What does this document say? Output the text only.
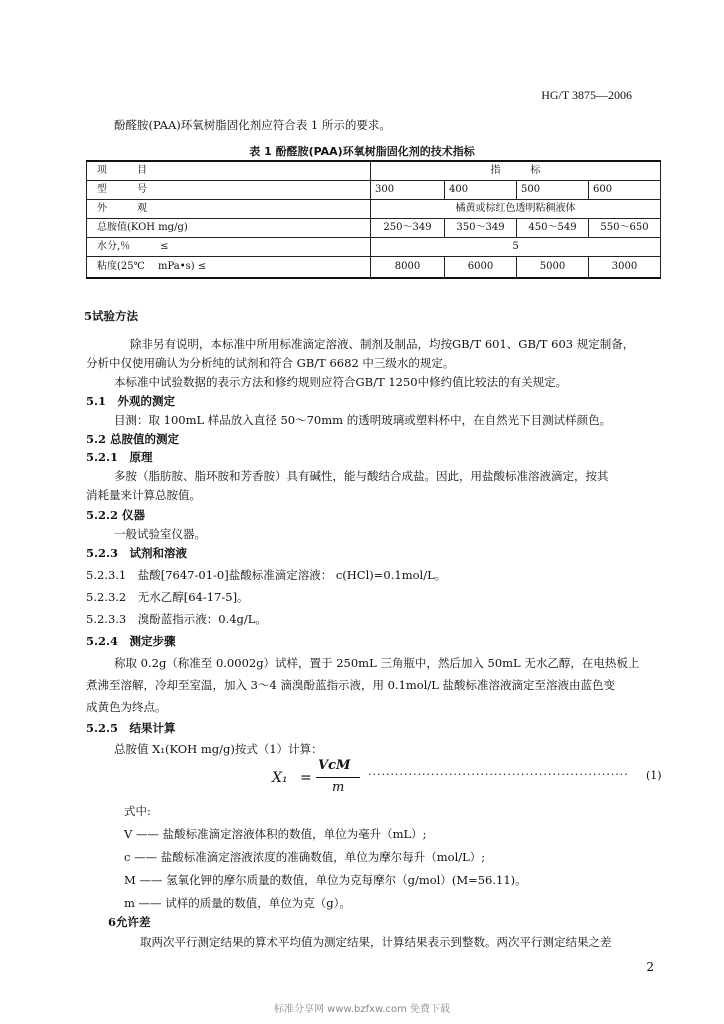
HG/T 3875—2006
酚醛胺(PAA)环氧树脂固化剂应符合表 1 所示的要求。
表 1 酚醛胺(PAA)环氧树脂固化剂的技术指标
项　　　目	指　　　标			
型　　　号	300	400	500	600
外　　　观	橘黄或棕红色透明粘稠液体			
总胺值(KOH mg/g)	250～349	350～349	450～549	550～650
水分,％　　　≤	5			
粘度(25℃　 mPa•s) ≤	8000	6000	5000	3000
5试验方法
除非另有说明，本标准中所用标准滴定溶液、制剂及制品，均按GB/T 601、GB/T 603 规定制备，
分析中仅使用确认为分析纯的试剂和符合 GB/T 6682 中三级水的规定。
本标准中试验数据的表示方法和修约规则应符合GB/T 1250中修约值比较法的有关规定。
5.1　外观的测定
目测：取 100mL 样品放入直径 50～70mm 的透明玻璃或塑料杯中，在自然光下目测试样颜色。
5.2 总胺值的测定
5.2.1　原理
多胺（脂肪胺、脂环胺和芳香胺）具有碱性，能与酸结合成盐。因此，用盐酸标准溶液滴定，按其
消耗量来计算总胺值。
5.2.2 仪器
一般试验室仪器。
5.2.3　试剂和溶液
5.2.3.1　盐酸[7647-01-0]盐酸标准滴定溶液： c(HCl)=0.1mol/L。
5.2.3.2　无水乙醇[64-17-5]。
5.2.3.3　溴酚蓝指示液：0.4g/L。
5.2.4　测定步骤
称取 0.2g（称准至 0.0002g）试样，置于 250mL 三角瓶中，然后加入 50mL 无水乙醇，在电热板上
煮沸至溶解，冷却至室温，加入 3～4 滴溴酚蓝指示液，用 0.1mol/L 盐酸标准溶液滴定至溶液由蓝色变
成黄色为终点。
5.2.5　结果计算
总胺值 X₁(KOH mg/g)按式（1）计算：
X₁ =
VcM
m
·························································· (1)
式中:
V —— 盐酸标准滴定溶液体积的数值，单位为毫升（mL）;
c —— 盐酸标准滴定溶液浓度的准确数值，单位为摩尔每升（mol/L）;
M —— 氢氧化钾的摩尔质量的数值，单位为克每摩尔（g/mol）(M=56.11)。
m —— 试样的质量的数值，单位为克（g）。
6允许差
取两次平行测定结果的算术平均值为测定结果，计算结果表示到整数。两次平行测定结果之差
2
标准分享网 www.bzfxw.com 免费下载
